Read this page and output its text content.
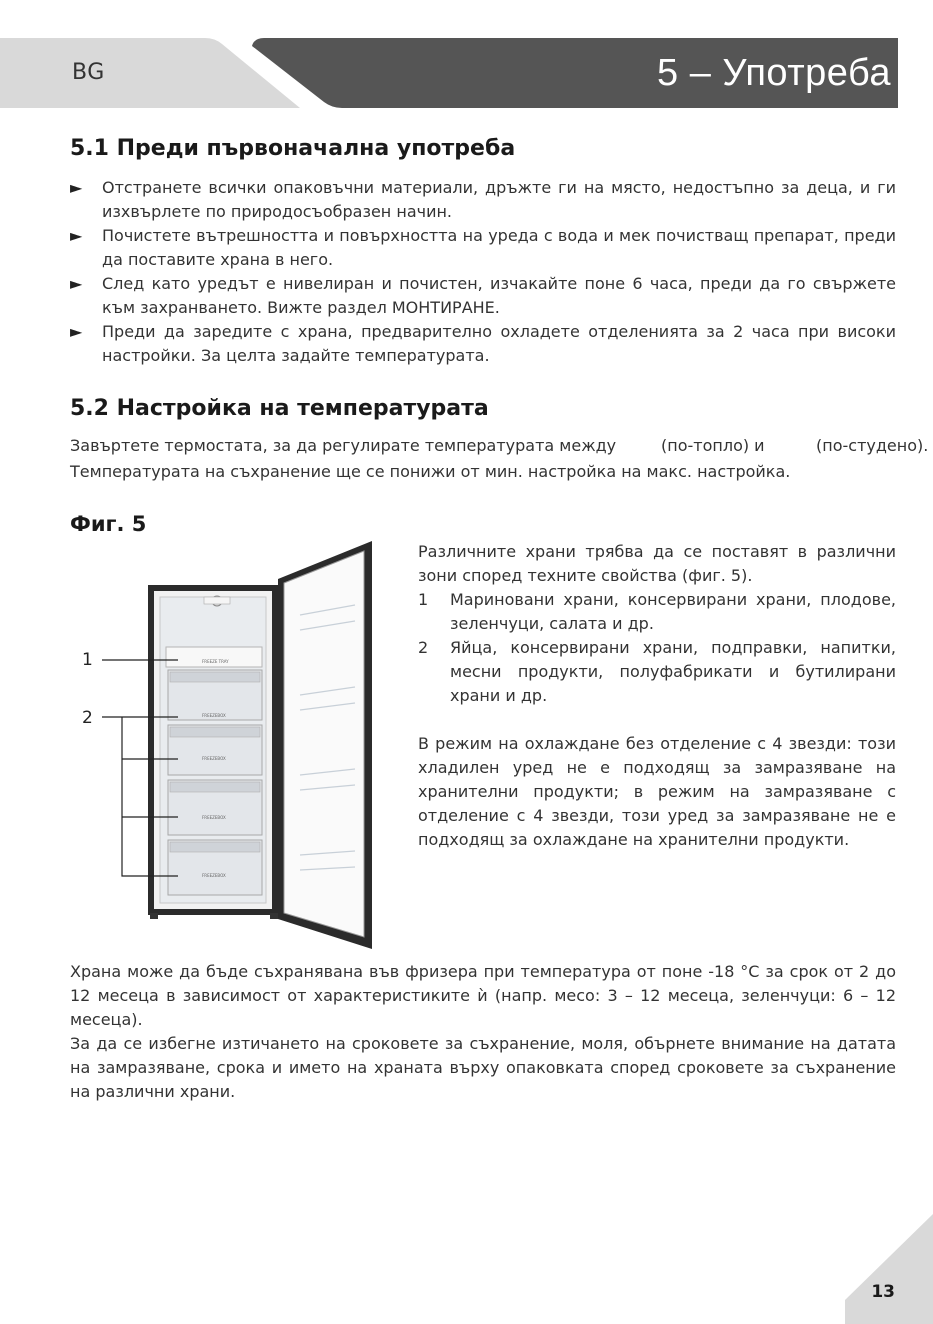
BG	5 – Употреба
5.1 Преди първоначална употреба
► Отстранете всички опаковъчни материали, дръжте ги на място, недостъпно за деца, и ги изхвърлете по природосъобразен начин.
► Почистете вътрешността и повърхността на уреда с вода и мек почистващ препарат, преди да поставите храна в него.
► След като уредът е нивелиран и почистен, изчакайте поне 6 часа, преди да го свържете към захранването. Вижте раздел МОНТИРАНЕ.
► Преди да заредите с храна, предварително охладете отделенията за 2 часа при високи настройки. За целта задайте температурата.
5.2 Настройка на температурата
Завъртете термостата, за да регулирате температурата между	(по-топло) и	(по-студено).
Температурата на съхранение ще се понижи от мин. настройка на макс. настройка.
Фиг. 5
FREEZE TRAY
FREEZEBOX
FREEZEBOX
FREEZEBOX
FREEZEBOX
1
2

Различните храни трябва да се поставят в различни зони според техните свойства (фиг. 5).

1 Мариновани храни, консервирани храни, плодове, зеленчуци, салата и др.
2 Яйца, консервирани храни, подправки, напитки, месни продукти, полуфабрикати и бутилирани храни и др.

В режим на охлаждане без отделение с 4 звезди: този хладилен уред не е подходящ за замразяване на хранителни продукти; в режим на замразяване с отделение с 4 звезди, този уред за замразяване не е подходящ за охлаждане на хранителни продукти.

Храна може да бъде съхранявана във фризера при температура от поне -18 °C за срок от 2 до 12 месеца в зависимост от характеристиките ѝ (напр. месо: 3 – 12 месеца, зеленчуци: 6 – 12 месеца).

За да се избегне изтичането на сроковете за съхранение, моля, обърнете внимание на датата на замразяване, срока и името на храната върху опаковката според сроковете за съхранение на различни храни.

13
